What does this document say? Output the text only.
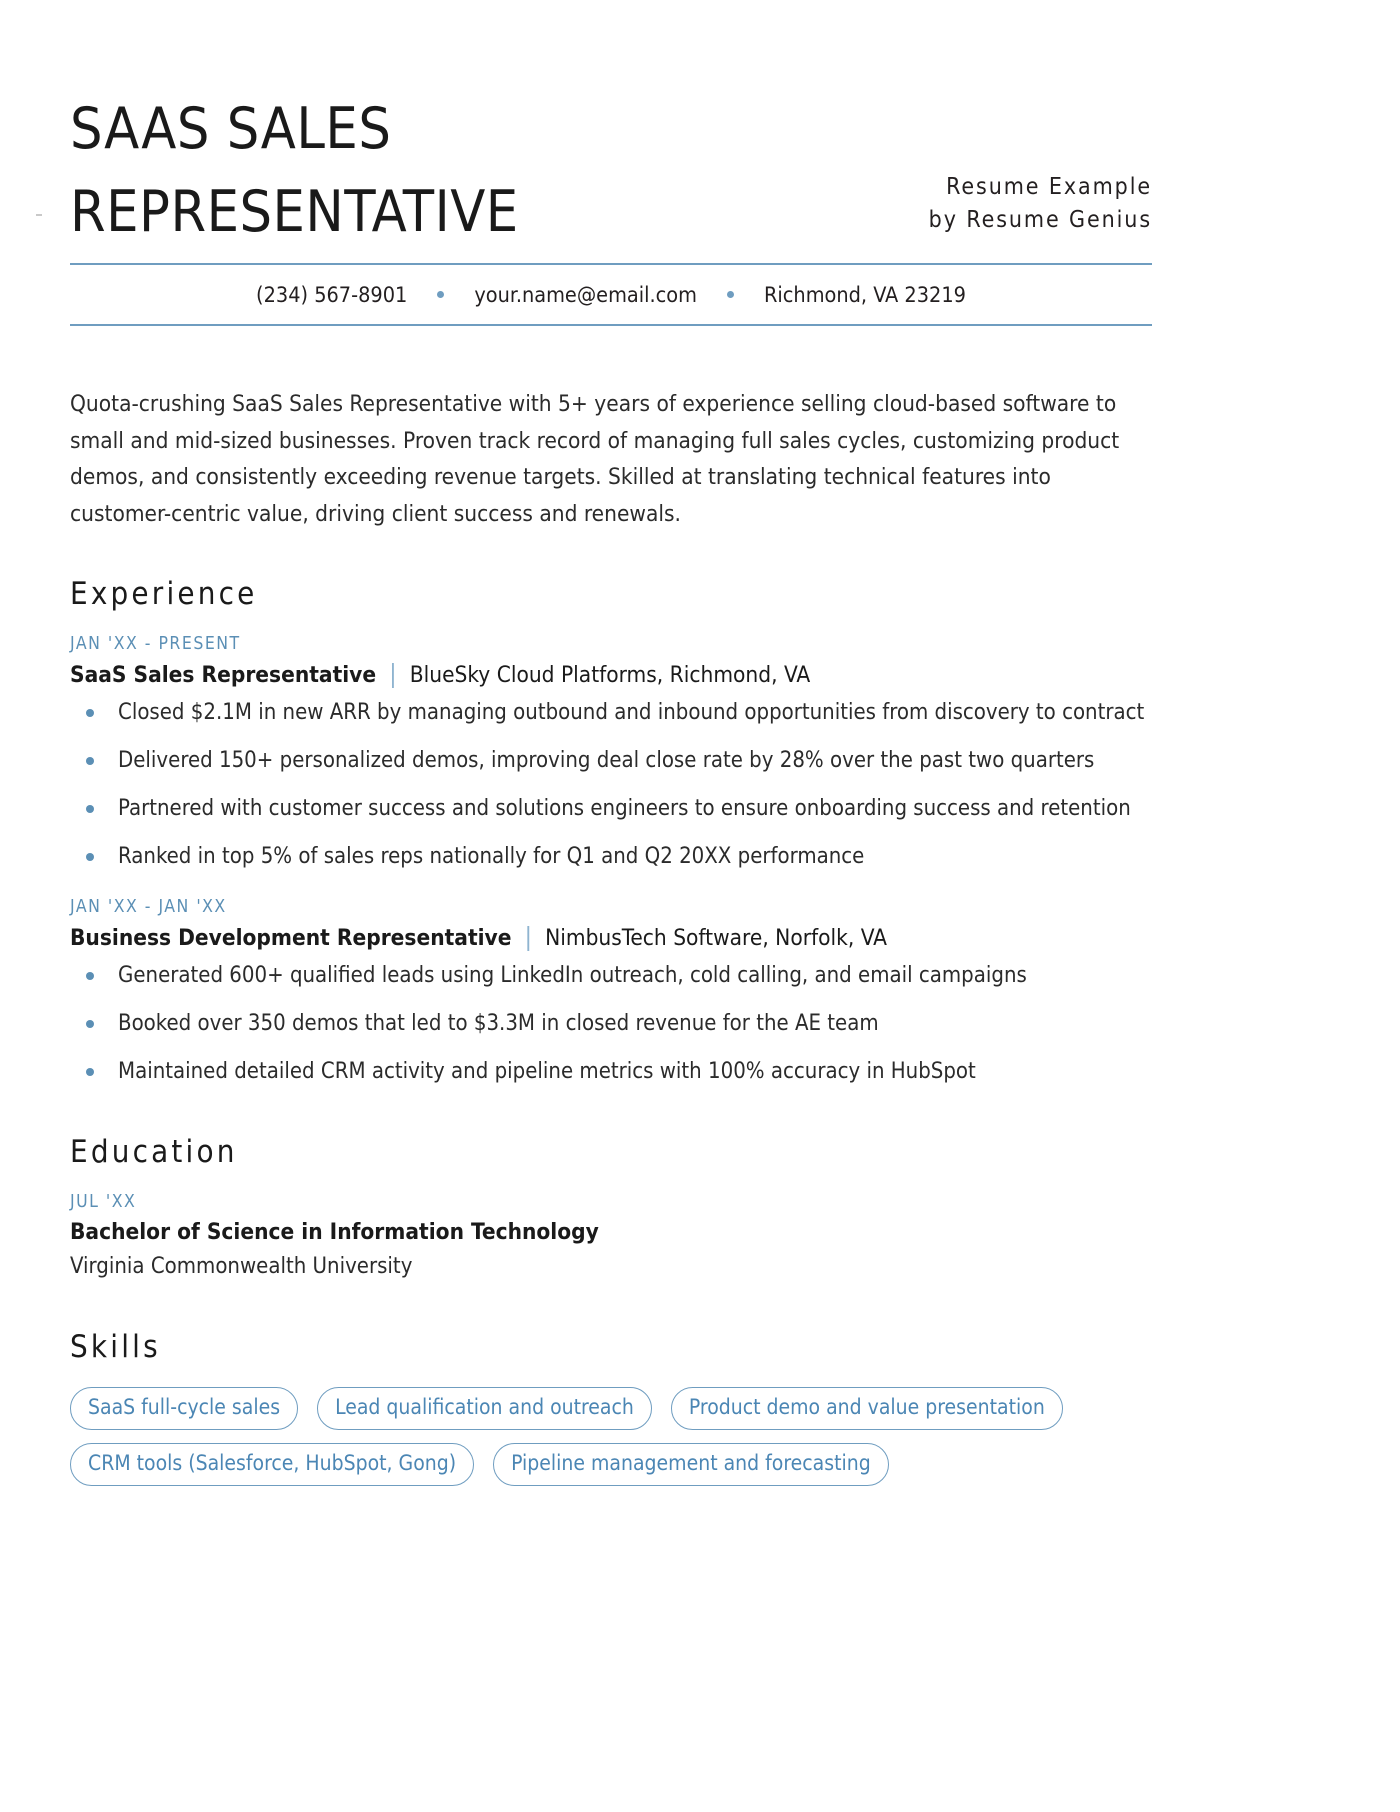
SAAS SALES
REPRESENTATIVE	Resume Example
by Resume Genius
(234) 567-8901	your.name@email.com	Richmond, VA 23219
Quota-crushing SaaS Sales Representative with 5+ years of experience selling cloud-based software to small and mid-sized businesses. Proven track record of managing full sales cycles, customizing product demos, and consistently exceeding revenue targets. Skilled at translating technical features into customer-centric value, driving client success and renewals.
Experience
JAN 'XX - PRESENT
SaaS Sales Representative | BlueSky Cloud Platforms, Richmond, VA
Closed $2.1M in new ARR by managing outbound and inbound opportunities from discovery to contract
Delivered 150+ personalized demos, improving deal close rate by 28% over the past two quarters
Partnered with customer success and solutions engineers to ensure onboarding success and retention
Ranked in top 5% of sales reps nationally for Q1 and Q2 20XX performance
JAN 'XX - JAN 'XX
Business Development Representative | NimbusTech Software, Norfolk, VA
Generated 600+ qualified leads using LinkedIn outreach, cold calling, and email campaigns
Booked over 350 demos that led to $3.3M in closed revenue for the AE team
Maintained detailed CRM activity and pipeline metrics with 100% accuracy in HubSpot
Education
JUL 'XX
Bachelor of Science in Information Technology
Virginia Commonwealth University
Skills
SaaS full-cycle sales	Lead qualification and outreach	Product demo and value presentation
CRM tools (Salesforce, HubSpot, Gong)	Pipeline management and forecasting
